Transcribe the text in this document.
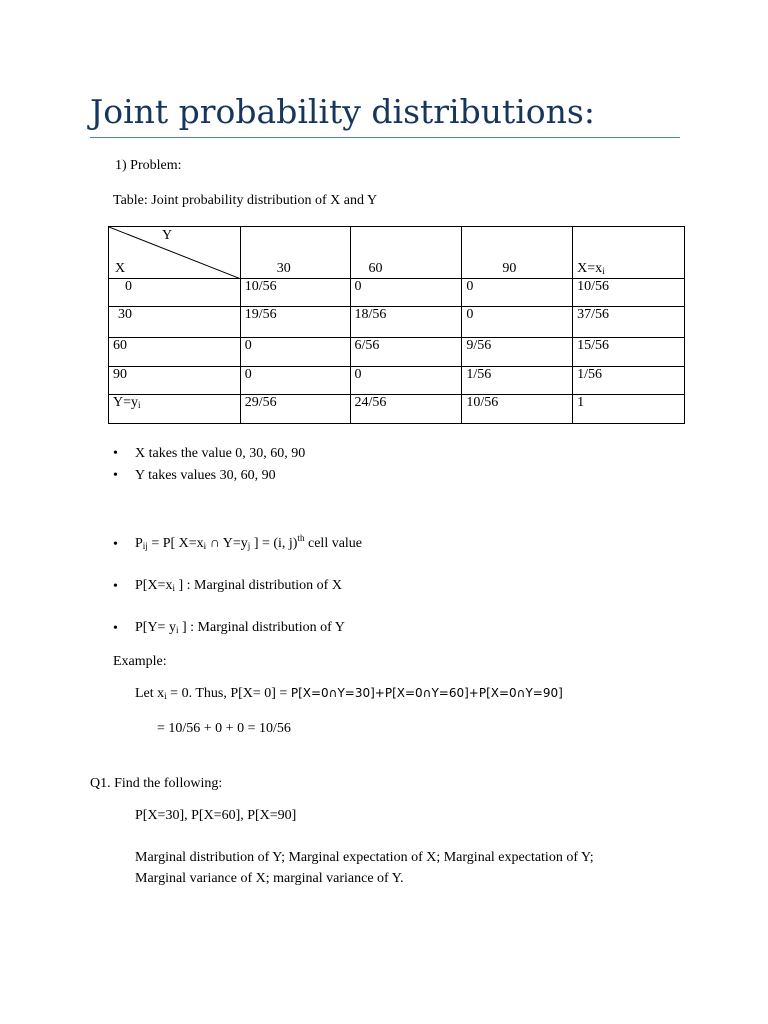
Joint probability distributions:
1) Problem:
Table: Joint probability distribution of X and Y
Y
X	30	60	90	$X=x_i$
0	10/56	0	0	10/56
30	19/56	18/56	0	37/56
60	0	6/56	9/56	15/56
90	0	0	1/56	1/56
$Y=y_i$	29/56	24/56	10/56	1
• X takes the value 0, 30, 60, 90
• Y takes values 30, 60, 90
• $P_{ij} = P$[ $X=x_i$ ∩ $Y=y_j$ ] = (i, j)$^{th}$ cell value
• $P[X=x_i$ ] : Marginal distribution of X
• $P[Y= y_i$ ] : Marginal distribution of Y
Example:
Let $x_i = 0$. Thus, P[X= 0] = P[X=0∩Y=30]+P[X=0∩Y=60]+P[X=0∩Y=90]
= 10/56 + 0 + 0 = 10/56
Q1. Find the following:
P[X=30], P[X=60], P[X=90]
Marginal distribution of Y; Marginal expectation of X; Marginal expectation of Y;
Marginal variance of X; marginal variance of Y.
